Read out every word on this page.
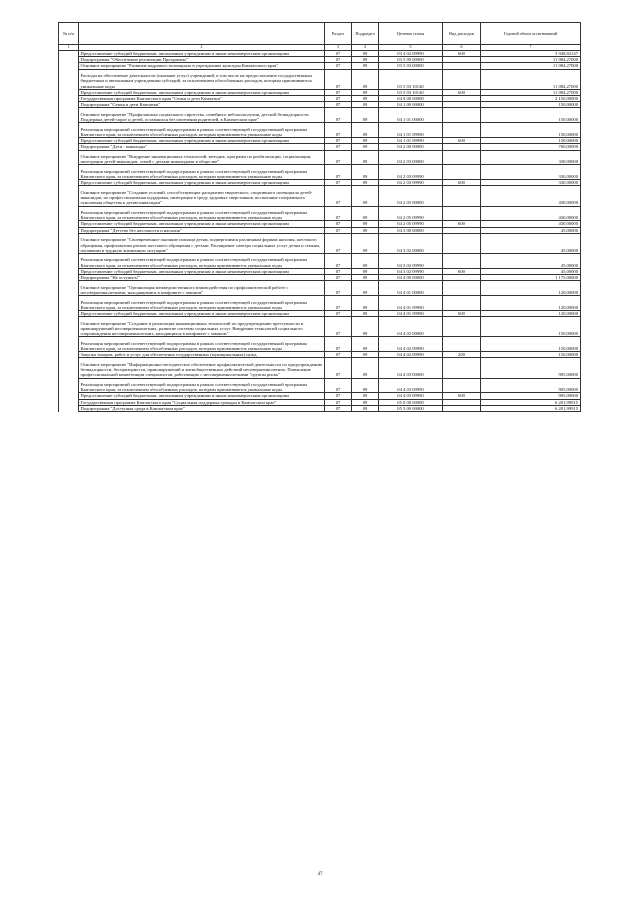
№ п/п		Раздел	Подраздел	Целевая статья	Вид расходов	Годовой объем ассигнований
1	2	3	4	5	6	7
	Предоставление субсидий бюджетным, автономным учреждениям и иным некоммерческим организациям	07	09	03 4 02 09990	600	3 948,82147
	Подпрограмма "Обеспечение реализации Программы"	07	09	03 5 00 00000		11 084,27000
	Основное мероприятие "Развитие кадрового потенциала в учреждениях культуры Камчатского края"	07	09	03 5 03 00000		11 084,27000
	Расходы на обеспечение деятельности (оказание услуг) учреждений, в том числе на предоставление государственным бюджетным и автономным учреждениям субсидий, за исключением обособленных расходов, которым присваиваются уникальные коды	07	09	03 5 03 10140		11 084,27000
	Предоставление субсидий бюджетным, автономным учреждениям и иным некоммерческим организациям	07	09	03 5 03 10140	600	11 084,27000
	Государственная программа Камчатского края "Семья и дети Камчатки"	07	09	04 0 00 00000		2 150,00000
	Подпрограмма "Семья и дети Камчатки"	07	09	04 1 00 00000		150,00000
	Основное мероприятие "Профилактика социального сиротства, семейного неблагополучия, детской безнадзорности. Поддержка детей-сирот и детей, оставшихся без попечения родителей, в Камчатском крае"	07	09	04 1 01 00000		150,00000
	Реализация мероприятий соответствующей подпрограммы в рамках соответствующей государственной программы Камчатского края, за исключением обособленных расходов, которым присваиваются уникальные коды	07	09	04 1 01 09990		150,00000
	Предоставление субсидий бюджетным, автономным учреждениям и иным некоммерческим организациям	07	09	04 1 01 09990	600	150,00000
	Подпрограмма "Дети - инвалиды"	07	09	04 2 00 00000		760,00000
	Основное мероприятие "Внедрение инновационных технологий, методик, программ по реабилитации, социализации, интеграции детей-инвалидов, семей с детьми-инвалидами в обществе"	07	09	04 2 03 00000		330,00000
	Реализация мероприятий соответствующей подпрограммы в рамках соответствующей государственной программы Камчатского края, за исключением обособленных расходов, которым присваиваются уникальные коды	07	09	04 2 03 09990		330,00000
	Предоставление субсидий бюджетным, автономным учреждениям и иным некоммерческим организациям	07	09	04 2 03 09990	600	330,00000
	Основное мероприятие "Создание условий, способствующих раскрытию творческого, спортивного потенциала детей-инвалидов, их профессиональная поддержка, интеграция в среду здоровых сверстников, воспитание толерантного отношения общества к детям-инвалидам"	07	09	04 2 05 00000		430,00000
	Реализация мероприятий соответствующей подпрограммы в рамках соответствующей государственной программы Камчатского края, за исключением обособленных расходов, которым присваиваются уникальные коды	07	09	04 2 05 09990		430,00000
	Предоставление субсидий бюджетным, автономным учреждениям и иным некоммерческим организациям	07	09	04 2 05 09990	600	430,00000
	Подпрограмма "Детство без жестокости и насилия"	07	09	04 3 00 00000		45,00000
	Основное мероприятие "Своевременное оказание помощи детям, подвергшимся различным формам насилия, жестокого обращения, профилактика рисков жестокого обращения с детьми. Расширение спектра социальных услуг детям и семьям, попавшим в трудную жизненную ситуацию"	07	09	04 3 02 00000		45,00000
	Реализация мероприятий соответствующей подпрограммы в рамках соответствующей государственной программы Камчатского края, за исключением обособленных расходов, которым присваиваются уникальные коды	07	09	04 3 02 09990		45,00000
	Предоставление субсидий бюджетным, автономным учреждениям и иным некоммерческим организациям	07	09	04 3 02 09990	600	45,00000
	Подпрограмма "Не оступись!"	07	09	04 4 00 00000		1 175,00000
	Основное мероприятие "Организация межведомственного взаимодействия по профилактической работе с несовершеннолетними, находящимися в конфликте с законом"	07	09	04 4 01 00000		120,00000
	Реализация мероприятий соответствующей подпрограммы в рамках соответствующей государственной программы Камчатского края, за исключением обособленных расходов, которым присваиваются уникальные коды	07	09	04 4 01 09990		120,00000
	Предоставление субсидий бюджетным, автономным учреждениям и иным некоммерческим организациям	07	09	04 4 01 09990	600	120,00000
	Основное мероприятие "Создание и реализация инновационных технологий по предупреждению преступности и правонарушений несовершеннолетних, развитие системы социальных услуг. Внедрение технологий социального сопровождения несовершеннолетних, находящихся в конфликте с законом"	07	09	04 4 02 00000		150,00000
	Реализация мероприятий соответствующей подпрограммы в рамках соответствующей государственной программы Камчатского края, за исключением обособленных расходов, которым присваиваются уникальные коды	07	09	04 4 02 09990		150,00000
	Закупка товаров, работ и услуг для обеспечения государственных (муниципальных) нужд	07	09	04 4 02 09990	200	150,00000
	Основное мероприятие "Информационно-методическое обеспечение профилактической деятельности по предупреждению безнадзорности, беспризорности, правонарушений и антиобщественных действий несовершеннолетних. Повышение профессиональной компетенции специалистов, работающих с несовершеннолетними "группы риска"	07	09	04 4 03 00000		905,00000
	Реализация мероприятий соответствующей подпрограммы в рамках соответствующей государственной программы Камчатского края, за исключением обособленных расходов, которым присваиваются уникальные коды	07	09	04 4 03 09990		905,00000
	Предоставление субсидий бюджетным, автономным учреждениям и иным некоммерческим организациям	07	09	04 4 03 09990	600	905,00000
	Государственная программа Камчатского края "Социальная поддержка граждан в Камчатском крае"	07	09	05 0 00 00000		6 201,99915
	Подпрограмма "Доступная среда в Камчатском крае"	07	09	05 3 00 00000		6 201,99915
47
